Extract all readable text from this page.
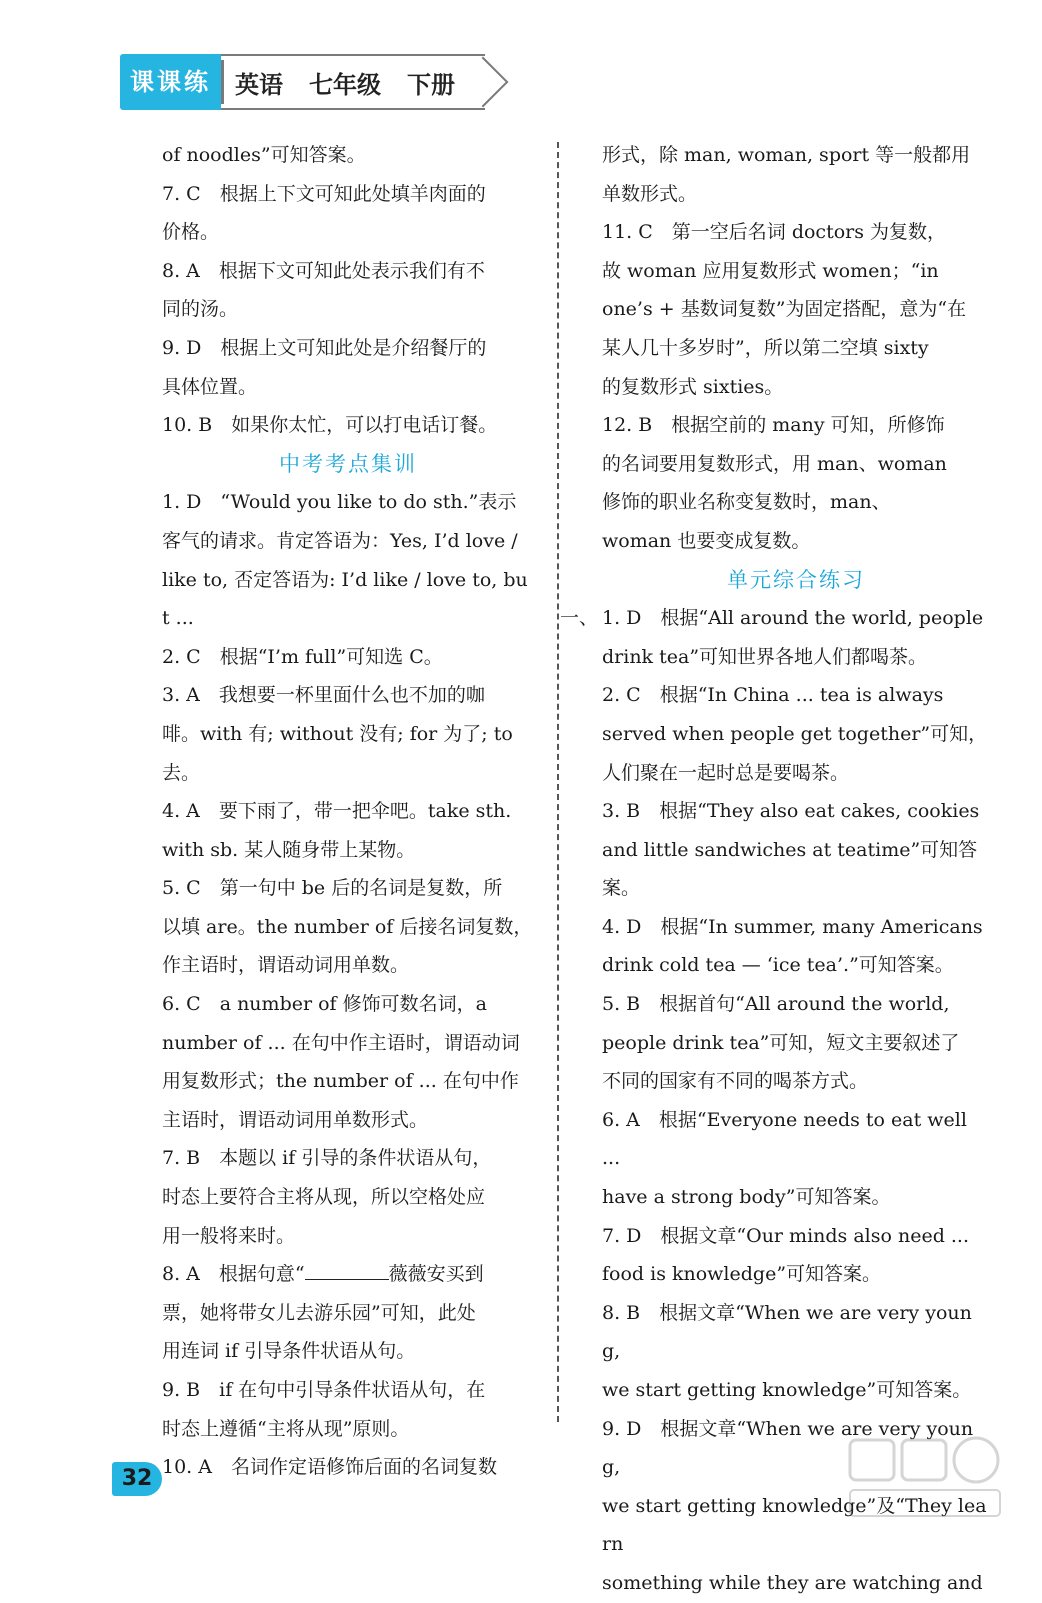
课课练	英语 七年级 下册

of noodles”可知答案。

7. C　根据上下文可知此处填羊肉面的

价格。

8. A　根据下文可知此处表示我们有不

同的汤。

9. D　根据上文可知此处是介绍餐厅的

具体位置。

10. B　如果你太忙，可以打电话订餐。

中考考点集训

1. D　“Would you like to do sth.”表示

客气的请求。肯定答语为：Yes, I’d love /

like to, 否定答语为: I’d like / love to, but ...

2. C　根据“I’m full”可知选 C。

3. A　我想要一杯里面什么也不加的咖

啡。with 有; without 没有; for 为了; to 去。

4. A　要下雨了，带一把伞吧。take sth.

with sb. 某人随身带上某物。

5. C　第一句中 be 后的名词是复数，所

以填 are。the number of 后接名词复数，

作主语时，谓语动词用单数。

6. C　a number of 修饰可数名词，a

number of ... 在句中作主语时，谓语动词

用复数形式；the number of ... 在句中作

主语时，谓语动词用单数形式。

7. B　本题以 if 引导的条件状语从句，

时态上要符合主将从现，所以空格处应

用一般将来时。

8. A　根据句意“	薇薇安买到

票，她将带女儿去游乐园”可知，此处

用连词 if 引导条件状语从句。

9. B　if 在句中引导条件状语从句，在

时态上遵循“主将从现”原则。

10. A　名词作定语修饰后面的名词复数

形式，除 man, woman, sport 等一般都用

单数形式。

11. C　第一空后名词 doctors 为复数，

故 woman 应用复数形式 women；“in

one’s + 基数词复数”为固定搭配，意为“在

某人几十多岁时”，所以第二空填 sixty

的复数形式 sixties。

12. B　根据空前的 many 可知，所修饰

的名词要用复数形式，用 man、woman

修饰的职业名称变复数时，man、

woman 也要变成复数。

单元综合练习

一、 1. D　根据“All around the world, people

drink tea”可知世界各地人们都喝茶。

2. C　根据“In China ... tea is always

served when people get together”可知，

人们聚在一起时总是要喝茶。

3. B　根据“They also eat cakes, cookies

and little sandwiches at teatime”可知答案。

4. D　根据“In summer, many Americans

drink cold tea — ‘ice tea’.”可知答案。

5. B　根据首句“All around the world,

people drink tea”可知，短文主要叙述了

不同的国家有不同的喝茶方式。

6. A　根据“Everyone needs to eat well ...

have a strong body”可知答案。

7. D　根据文章“Our minds also need ...

food is knowledge”可知答案。

8. B　根据文章“When we are very young,

we start getting knowledge”可知答案。

9. D　根据文章“When we are very young,

we start getting knowledge”及“They learn

something while they are watching and

32
